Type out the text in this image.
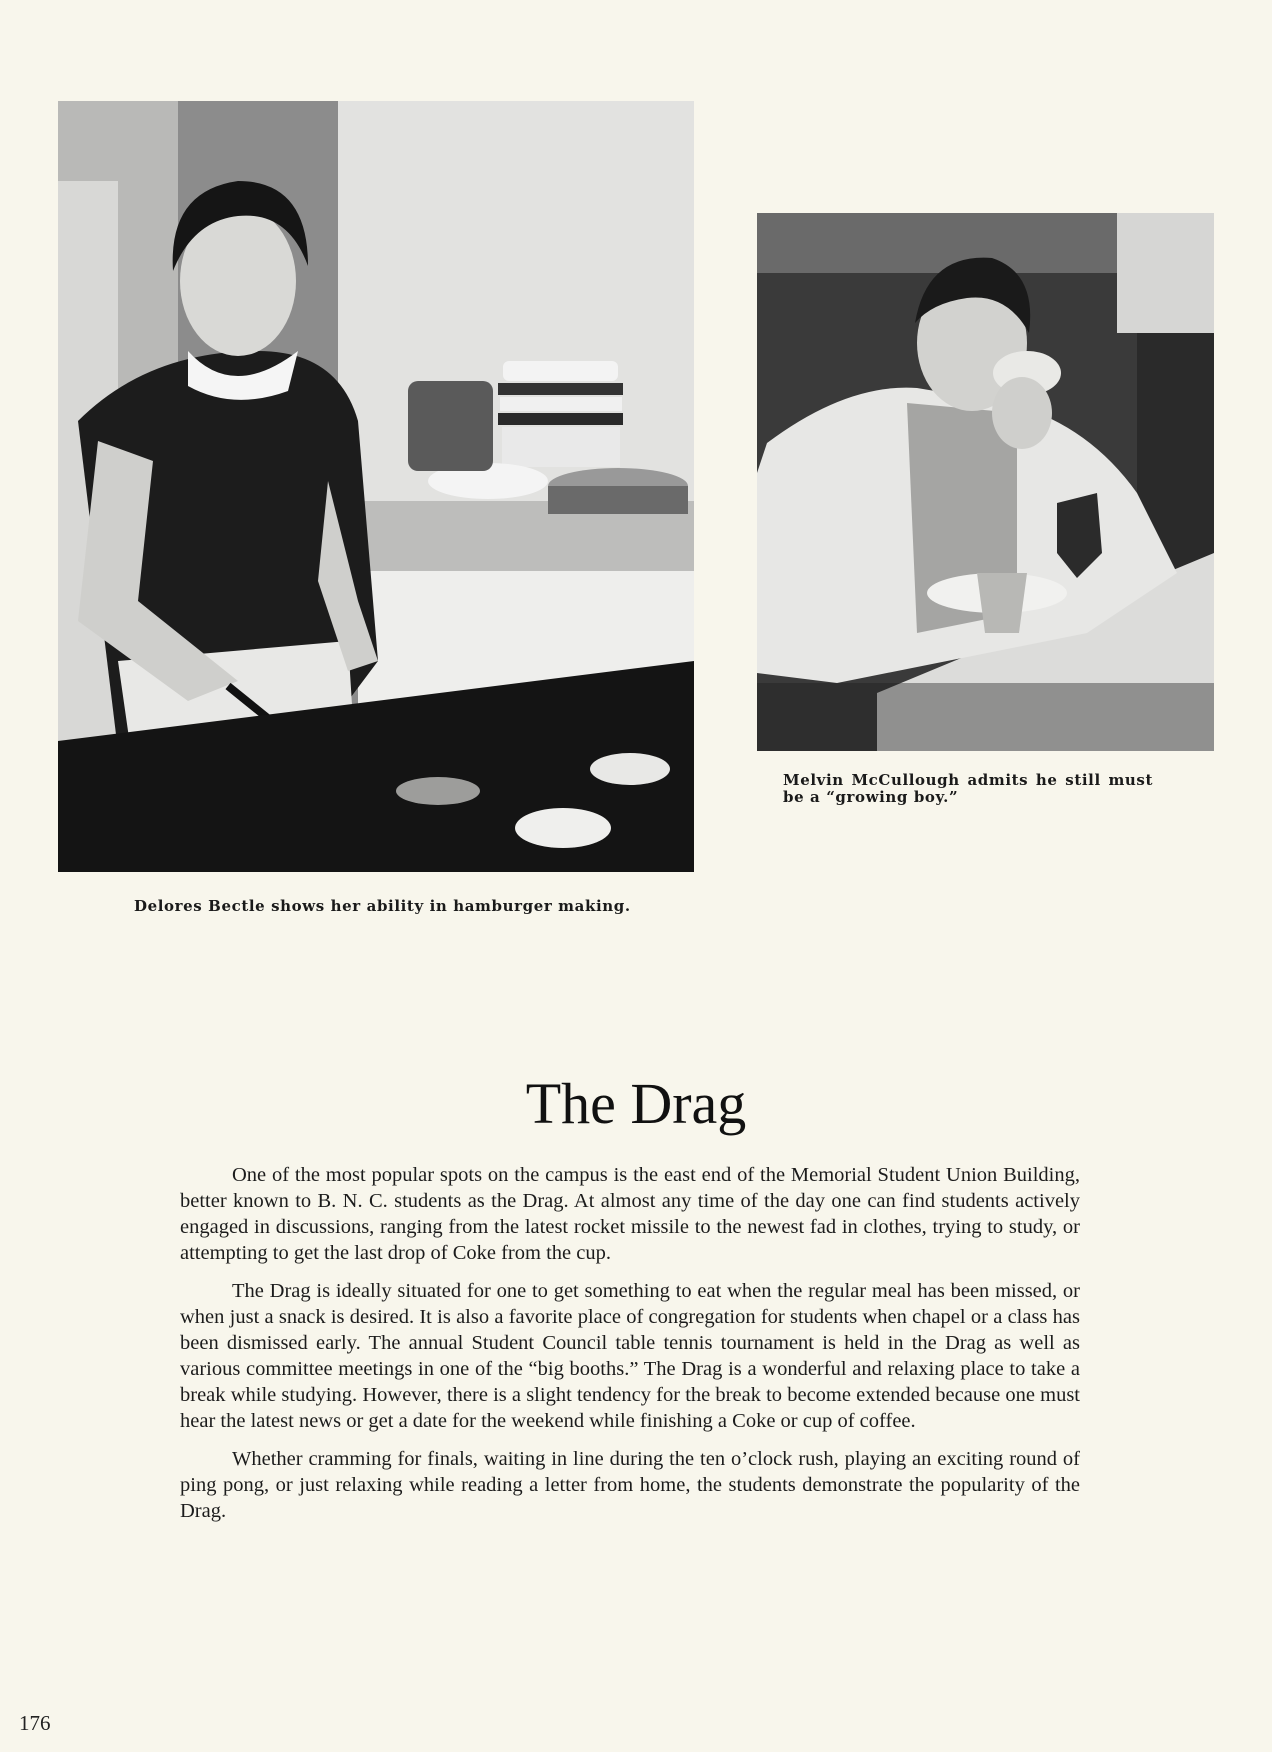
Melvin McCullough admits he still must be a “growing boy.”
Delores Bectle shows her ability in hamburger making.
The Drag

One of the most popular spots on the campus is the east end of the Memorial Student Union Building, better known to B. N. C. students as the Drag. At almost any time of the day one can find students actively engaged in discussions, ranging from the latest rocket missile to the newest fad in clothes, trying to study, or attempting to get the last drop of Coke from the cup.

The Drag is ideally situated for one to get something to eat when the regular meal has been missed, or when just a snack is desired. It is also a favorite place of congregation for students when chapel or a class has been dismissed early. The annual Student Council table tennis tournament is held in the Drag as well as various committee meetings in one of the “big booths.” The Drag is a wonderful and relaxing place to take a break while studying. However, there is a slight tendency for the break to become extended because one must hear the latest news or get a date for the weekend while finishing a Coke or cup of coffee.

Whether cramming for finals, waiting in line during the ten o’clock rush, playing an exciting round of ping pong, or just relaxing while reading a letter from home, the students demonstrate the popularity of the Drag.

176
